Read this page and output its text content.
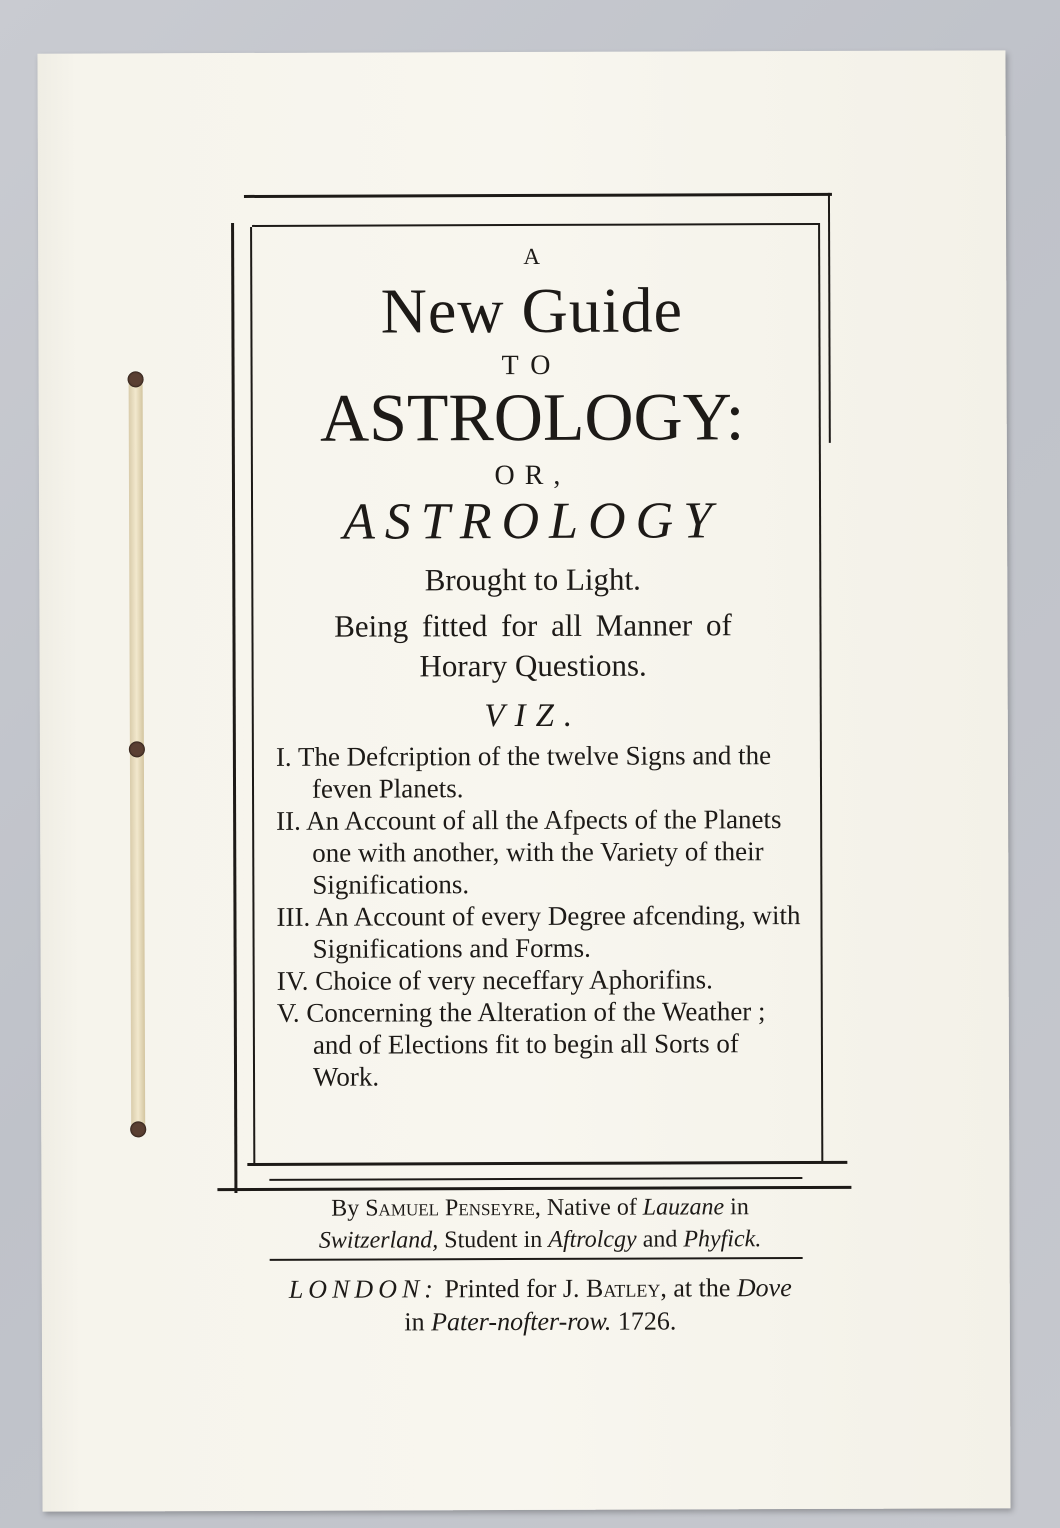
A
New Guide
TO
ASTROLOGY:
OR,
ASTROLOGY
Brought to Light.
Being fitted for all Manner of
Horary Questions.
VIZ.
I. The Defcription of the twelve Signs and the feven Planets.
II. An Account of all the Afpects of the Planets one with another, with the Variety of their Significations.
III. An Account of every Degree afcending, with Significations and Forms.
IV. Choice of very neceffary Aphorifins.
V. Concerning the Alteration of the Weather ; and of Elections fit to begin all Sorts of Work.
By Samuel Penseyre, Native of Lauzane in Switzerland, Student in Aftrolcgy and Phyfick.
LONDON: Printed for J. Batley, at the Dove in Pater-nofter-row. 1726.
